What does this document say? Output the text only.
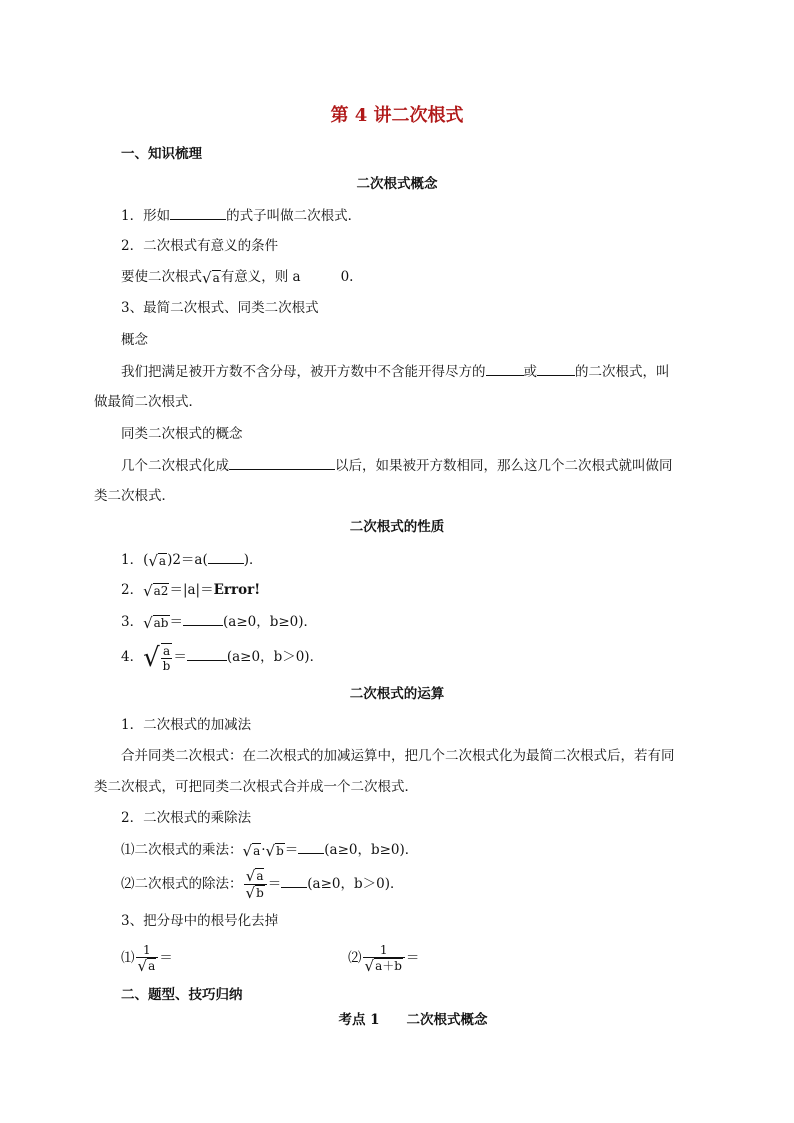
第 4 讲二次根式
一、知识梳理
二次根式概念
1．形如	的式子叫做二次根式．
2．二次根式有意义的条件
要使二次根式 √ a 有意义，则 a	0.
3、最简二次根式、同类二次根式
概念
我们把满足被开方数不含分母，被开方数中不含能开得尽方的	或	的二次根式，叫
做最简二次根式．
同类二次根式的概念
几个二次根式化成	以后，如果被开方数相同，那么这几个二次根式就叫做同
类二次根式．
二次根式的性质
1．( √ a )2＝a(	)．
2． √ a2 ＝|a|＝Error!
3． √ ab ＝	(a≥0，b≥0)．
4． √ $\frac{a}{b}$ ＝	(a≥0，b＞0)．
二次根式的运算
1．二次根式的加减法
合并同类二次根式：在二次根式的加减运算中，把几个二次根式化为最简二次根式后，若有同
类二次根式，可把同类二次根式合并成一个二次根式．
2．二次根式的乘除法
⑴二次根式的乘法： √ a · √ b ＝ (a≥0，b≥0)．
⑵二次根式的除法： $\frac{√ a}{√ b} = (a\ge 0$，b＞0)．
3、把分母中的根号化去掉
⑴ $\frac{1}{√ a}$ ＝	⑵ $\frac{1}{√ a+b}$ ＝
二、题型、技巧归纳
考点 1　　二次根式概念
